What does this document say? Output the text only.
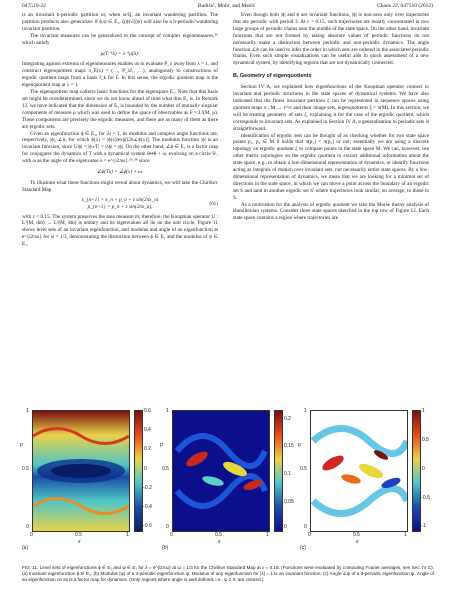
047510-22	Budišić, Mohr, and Mezić	Chaos 22, 047510 (2012)

is an invariant b-periodic partition or, when ω/Q, an invariant wandering partition. The partition products also generalize: if ϕ,ψ ∈ E₁, ζ(ϕ)√ζ(ψ) will also be a b-periodic/wandering invariant partition.

The invariant measures can be generalized to the concept of complex eigenmeasures,³⁶ which satisfy

μ(T⁻¹S) = λ⁻¹μ(S).

Integrating against extrema of eigenmeasures enables us to evaluate P_λ away from λ = 1, and construct eigenquotient maps π_E(x) = (…, P_λf₁, …), analogously to constructions of ergodic quotient maps from a basis f_k for F. In this sense, the ergodic quotient map is the eigenquotient map at λ = 1.

The eigenquotient map collects basic functions for the eigenspace E₁. Note that this basis set might be overdetermined, since we do not know ahead of time what dim E₁ is. In Remark 12, we have indicated that the dimension of E₁ is bounded by the number of mutually singular components of measure μ which was used to define the space of observables as F = L²(M, μ). These components are precisely the ergodic measures, and there are as many of them as there are ergodic sets.

Given an eigenfunction ϕ ∈ E₁, for |λ| = 1, its modulus and complex angle functions are, respectively, |ϕ|, ∠ϕ, for which ϕ(x) = |ϕ(x)|exp[i2π∠ϕ(x)]. The modulus function |ϕ| is an invariant function, since U|ϕ| = |ϕ∘T| = |λϕ| = |ϕ|. On the other hand, ∠ϕ ∈ E₁ is a factor map for conjugates the dynamics of T with a dynamical system θ↦θ + ω, evolving on a circle S¹, with ω as the angle of the eigenvalue λ = e^{i2πω}.³⁶˒³⁸ since

∠ϕ(Tx) = ∠ϕ(x) + ω.

To illustrate what these functions might reveal about dynamics, we will take the Chirikov Standard Map

x_{n+1} = x_n + p_n + ε sin(2πx_n)
p_{n+1} = p_n + ε sin(2πx_n),	(61)

with ε = 0.15. The system preserves the area measure m; therefore, the Koopman operator U : L²(M, dm) → L²(M, dm) is unitary and its eigenvalues all lie on the unit circle. Figure 11 shows level sets of an invariant eigenfunction, and modulus and angle of an eigenfunction at e^{i2πω} for ω = 1/3, demonstrating the distinction between ϕ ∈ E₁ and the modulus of ψ ∈ E₁.

Even though both |ϕ| and ϕ are invariant functions, |ϕ| is non-zero only over trajectories that are periodic with period 3. At ε = 0.15, such trajectories are mostly concentrated in two large groups of periodic chains near the middle of the state space. On the other hand, invariant functions that are not formed by taking absolute values of periodic functions do not necessarily make a distinction between periodic and non-periodic dynamics. The angle function ∠ϕ can be used to infer the order in which sets are ordered in the associated periodic chains. Even such simple visualizations can be useful aids in quick assessment of a new dynamical system, by identifying regions that are not dynamically connected.

B. Geometry of eigenquotients

Section IV A, we explained how eigenfunctions of the Koopman operator connect to invariant and periodic structures in the state spaces of dynamical systems. We have also indicated that the finest invariant partition ζ can be represented in sequence spaces using quotient maps π : M → ℓ^∞ and their image sets, eigenquotients ξ = π(M). In this section, we will be treating geometry of sets ξ, explaining it for the case of the ergodic quotient, which corresponds to invariant sets. As explained in Section IV A, a generalization to periodic sets is straightforward.

Identification of ergodic sets can be thought of as checking whether for two state space points p₁, p₂ ∈ M it holds that π(p₁) = π(p₂) or not; essentially we are using a discrete topology on ergodic quotient ξ to compare points in the state space M. We can, however, use other metric topologies on the ergodic quotient to extract additional information about the state space, e.g., to obtain a low-dimensional representation of dynamics, or identify functions acting as integrals of motion over invariant sets, not necessarily entire state spaces. By a low-dimensional representation of dynamics, we mean that we are looking for a minimal set of directions in the state space, in which we can move a point across the boundary of an ergodic set S and land in another ergodic set S′ where trajectories look similar, on average, to those in S.

As a motivation for the analysis of ergodic quotient we take the Morse theory analysis of Hamiltonian systems. Consider three state spaces sketched in the top row of Figure 12. Each state space contains a region where trajectories are

0.6
0.4
0.2
0
−0.2
−0.4
−0.6
1
0.5
0
p
0	0.5	1
x
(a)
0.2
0.15
0.1
0.05
0
1
0.5
0
p
0	0.5	1
x
(b)
1
0.5
0
−0.5
−1
1
0.5
0
p
0	0.5	1
x
(c)
FIG. 11. Level sets of eigenfunctions ϕ ∈ E₁ and ψ ∈ E₁ for λ = e^{i2πω} at ω = 1/3 for the Chirikov Standard Map at ε = 0.15. (Functions were evaluated by computing Fourier averages, see Sec. IV C). (a) Invariant eigenfunction ϕ ∈ E₁. (b) Modulus |ψ| of a 3-periodic eigenfunction ψ. Modulus of any eigenfunction for |λ| = 1 is an invariant function. (c) Angle ∠ψ of a 3-periodic eigenfunction ψ. Angle of an eigenfunction on its is a factor map for dynamics. (Only regions where angle is well defined, i.e., ψ ≠ 0, are colored.)
